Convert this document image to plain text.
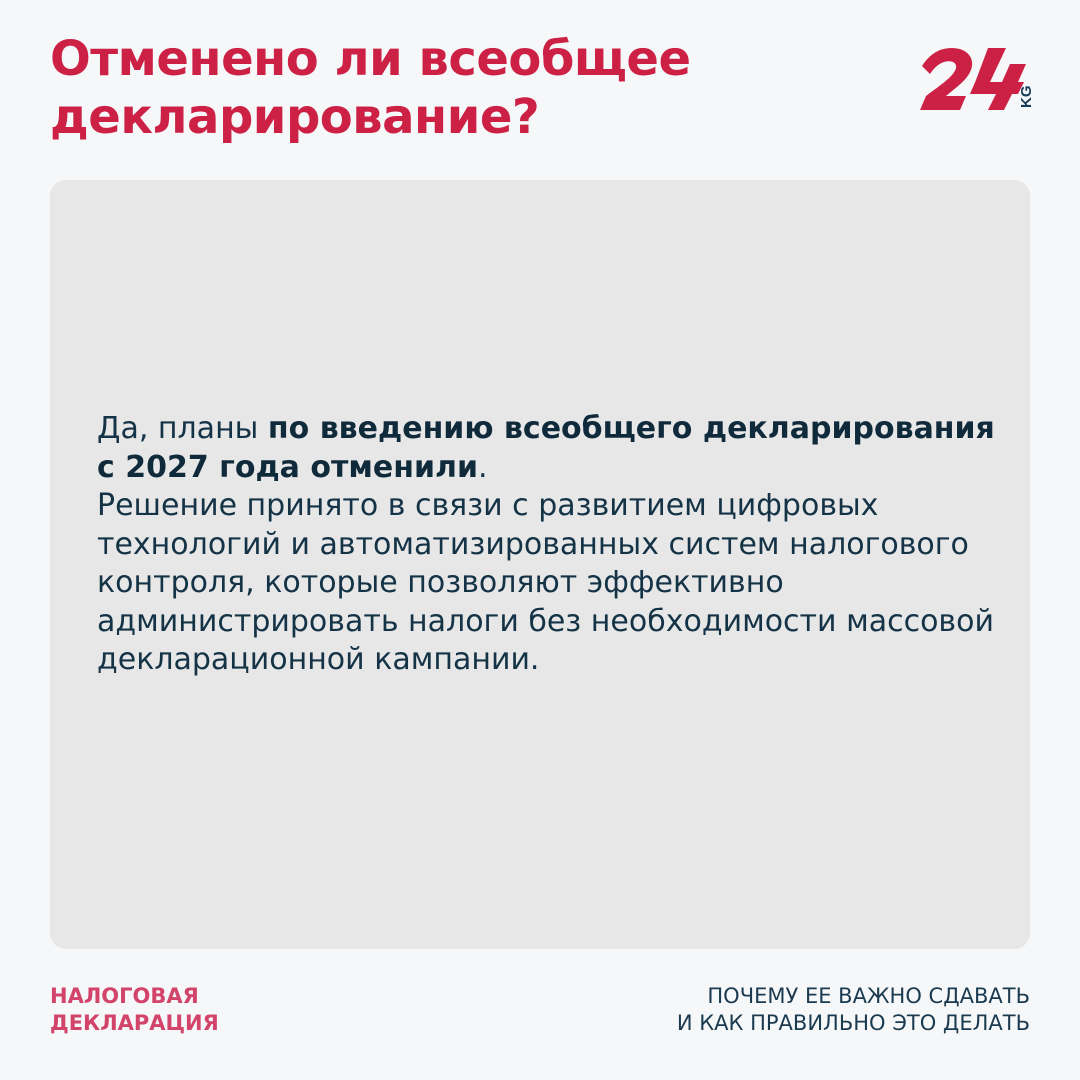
Отменено ли всеобщее декларирование?	KG

Да, планы по введению всеобщего декларирования с 2027 года отменили.
Решение принято в связи с развитием цифровых технологий и автоматизированных систем налогового контроля, которые позволяют эффективно администрировать налоги без необходимости массовой декларационной кампании.

НАЛОГОВАЯ
ДЕКЛАРАЦИЯ

ПОЧЕМУ ЕЕ ВАЖНО СДАВАТЬ
И КАК ПРАВИЛЬНО ЭТО ДЕЛАТЬ
